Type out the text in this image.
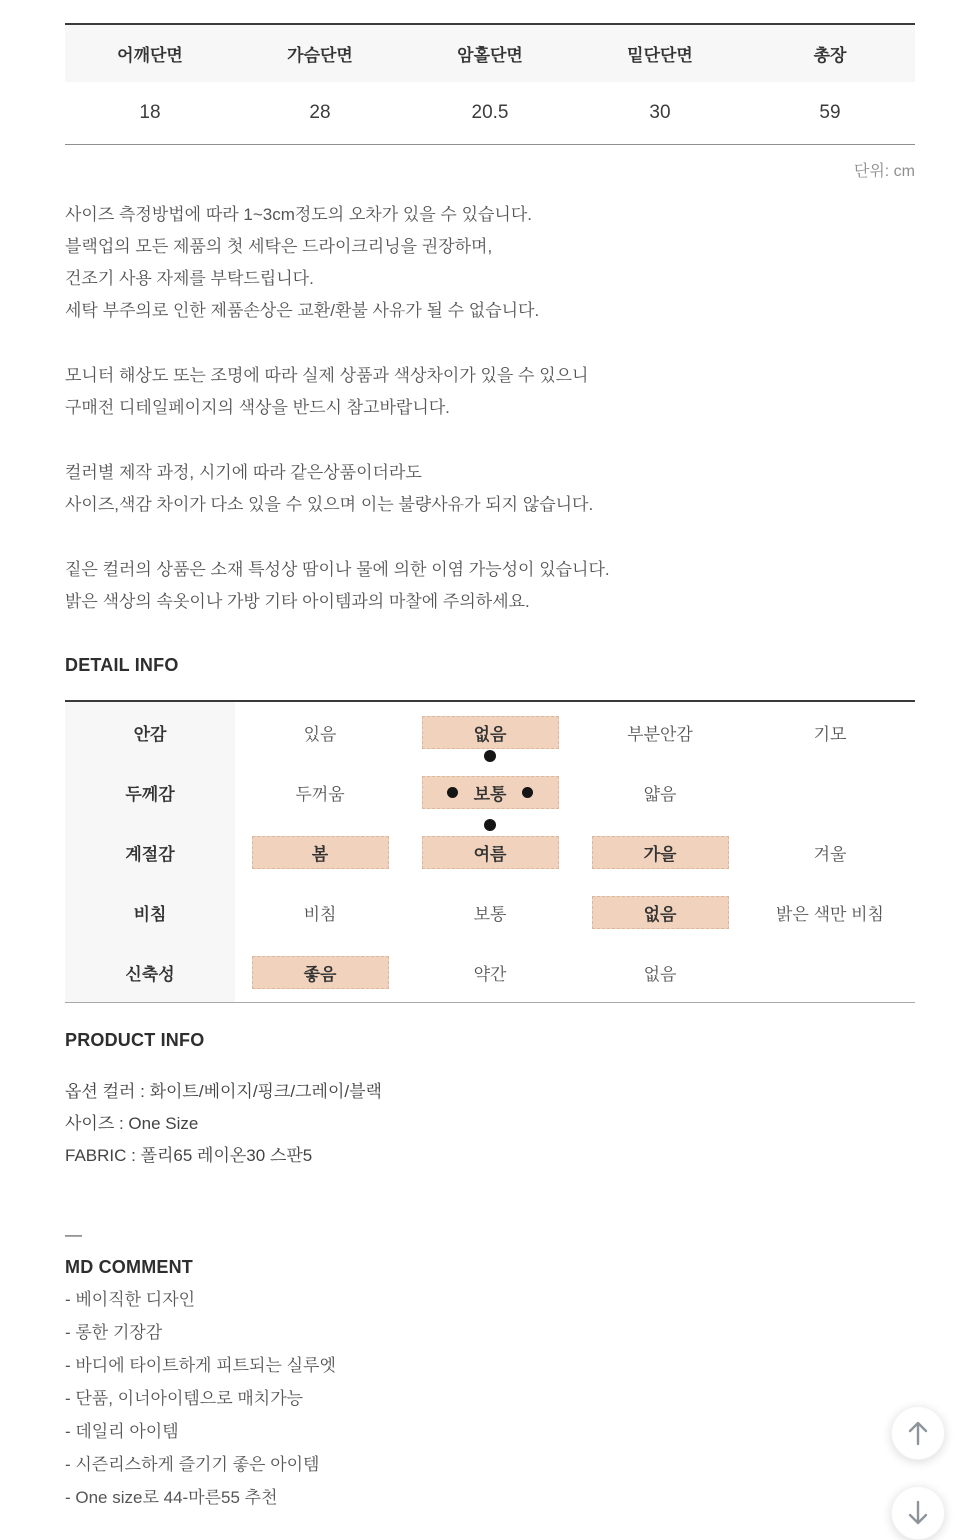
어깨단면	가슴단면	암홀단면	밑단단면	총장
18	28	20.5	30	59
단위: cm
사이즈 측정방법에 따라 1~3cm정도의 오차가 있을 수 있습니다.
블랙업의 모든 제품의 첫 세탁은 드라이크리닝을 권장하며,
건조기 사용 자제를 부탁드립니다.
세탁 부주의로 인한 제품손상은 교환/환불 사유가 될 수 없습니다.
모니터 해상도 또는 조명에 따라 실제 상품과 색상차이가 있을 수 있으니
구매전 디테일페이지의 색상을 반드시 참고바랍니다.
컬러별 제작 과정, 시기에 따라 같은상품이더라도
사이즈,색감 차이가 다소 있을 수 있으며 이는 불량사유가 되지 않습니다.
짙은 컬러의 상품은 소재 특성상 땀이나 물에 의한 이염 가능성이 있습니다.
밝은 색상의 속옷이나 가방 기타 아이템과의 마찰에 주의하세요.
DETAIL INFO
안감	있음	없음	부분안감	기모
두께감	두꺼움	보통	얇음
계절감	봄	여름	가을	겨울
비침	비침	보통	없음	밝은 색만 비침
신축성	좋음	약간	없음
PRODUCT INFO
옵션 컬러 : 화이트/베이지/핑크/그레이/블랙
사이즈 : One Size
FABRIC : 폴리65 레이온30 스판5
—
MD COMMENT
- 베이직한 디자인
- 롱한 기장감
- 바디에 타이트하게 피트되는 실루엣
- 단품, 이너아이템으로 매치가능
- 데일리 아이템
- 시즌리스하게 즐기기 좋은 아이템
- One size로 44-마른55 추천
